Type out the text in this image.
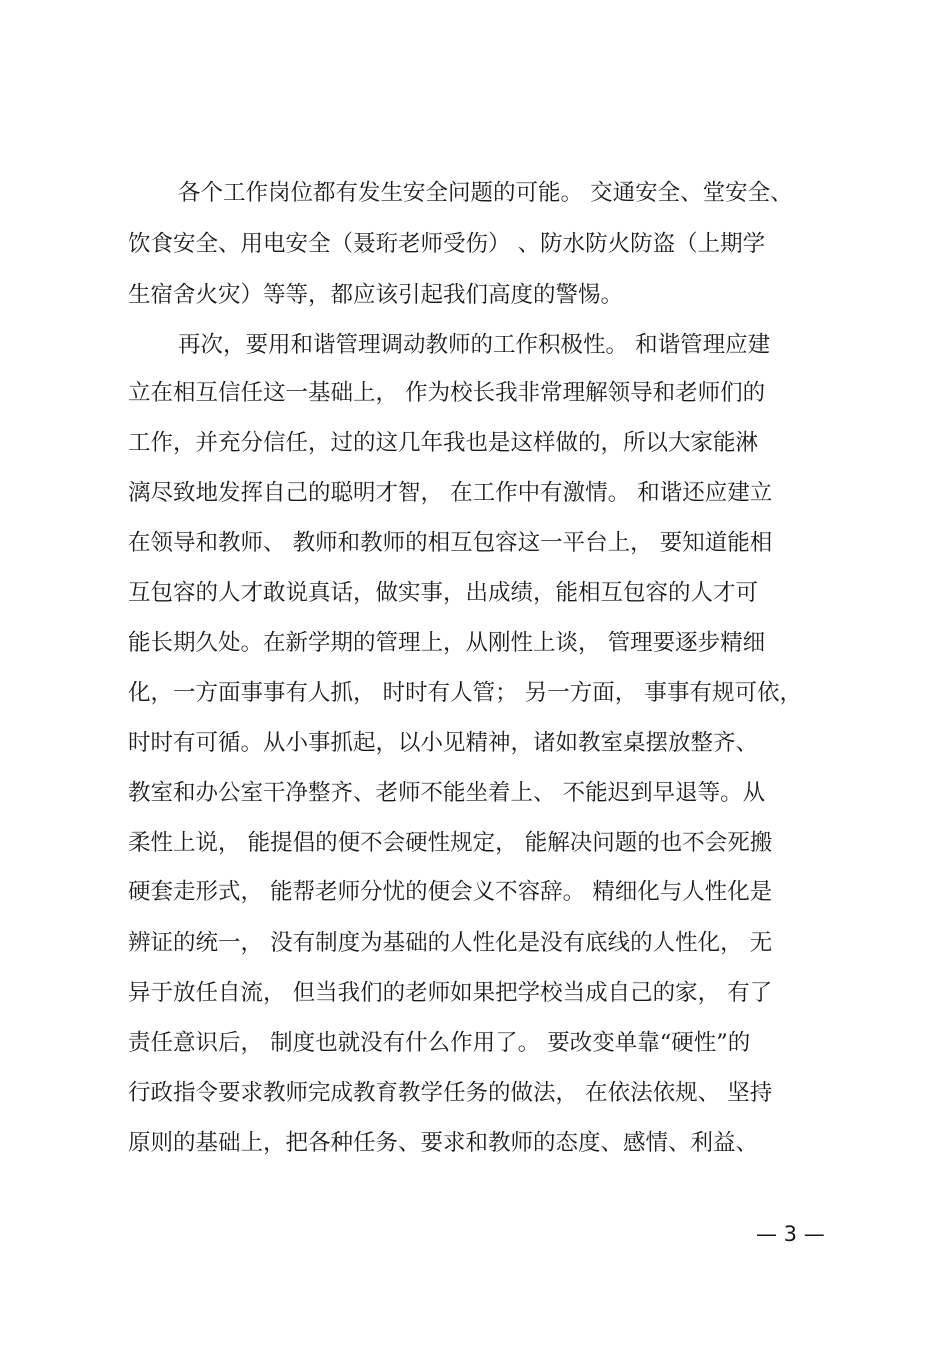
各个工作岗位都有发生安全问题的可能。 交通安全、堂安全、

饮食安全、用电安全（聂珩老师受伤） 、防水防火防盗（上期学

生宿舍火灾）等等，都应该引起我们高度的警惕。

再次，要用和谐管理调动教师的工作积极性。 和谐管理应建

立在相互信任这一基础上， 作为校长我非常理解领导和老师们的

工作，并充分信任，过的这几年我也是这样做的，所以大家能淋

漓尽致地发挥自己的聪明才智， 在工作中有激情。 和谐还应建立

在领导和教师、 教师和教师的相互包容这一平台上， 要知道能相

互包容的人才敢说真话，做实事，出成绩，能相互包容的人才可

能长期久处。在新学期的管理上，从刚性上谈， 管理要逐步精细

化，一方面事事有人抓， 时时有人管； 另一方面， 事事有规可依，

时时有可循。从小事抓起，以小见精神，诸如教室桌摆放整齐、

教室和办公室干净整齐、老师不能坐着上、 不能迟到早退等。从

柔性上说， 能提倡的便不会硬性规定， 能解决问题的也不会死搬

硬套走形式， 能帮老师分忧的便会义不容辞。 精细化与人性化是

辨证的统一， 没有制度为基础的人性化是没有底线的人性化， 无

异于放任自流， 但当我们的老师如果把学校当成自己的家， 有了

责任意识后， 制度也就没有什么作用了。 要改变单靠“硬性”的

行政指令要求教师完成教育教学任务的做法， 在依法依规、 坚持

原则的基础上，把各种任务、要求和教师的态度、感情、利益、

— 3 —
